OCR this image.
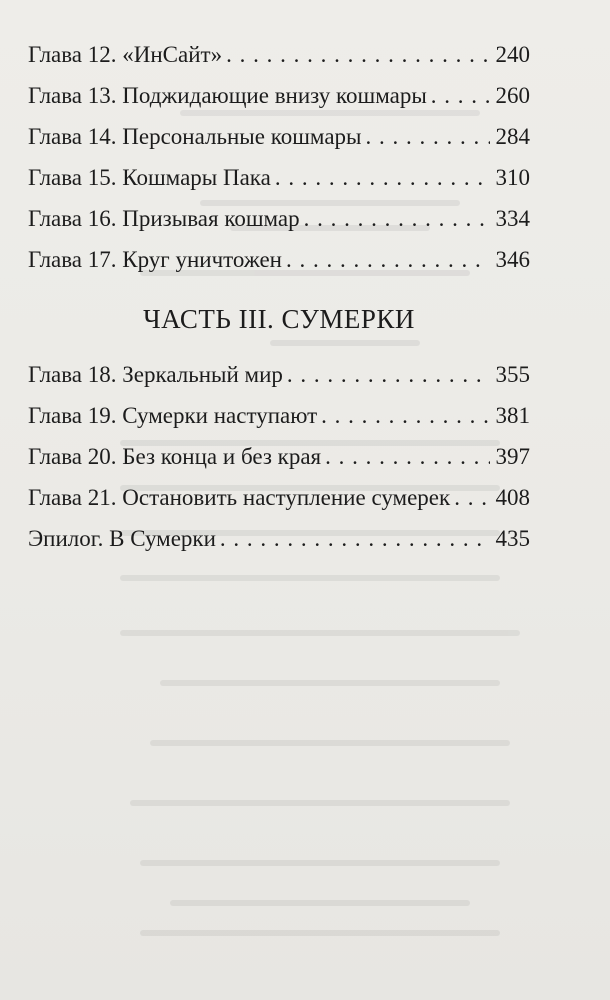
Глава 12. «ИнСайт» . . .	240
Глава 13. Поджидающие внизу кошмары . . .	260
Глава 14. Персональные кошмары . . .	284
Глава 15. Кошмары Пака . . .	310
Глава 16. Призывая кошмар . . .	334
Глава 17. Круг уничтожен . . .	346
ЧАСТЬ III. СУМЕРКИ
Глава 18. Зеркальный мир . . .	355
Глава 19. Сумерки наступают . . .	381
Глава 20. Без конца и без края . . .	397
Глава 21. Остановить наступление сумерек . . . 408
Эпилог. В Сумерки . . .	435
